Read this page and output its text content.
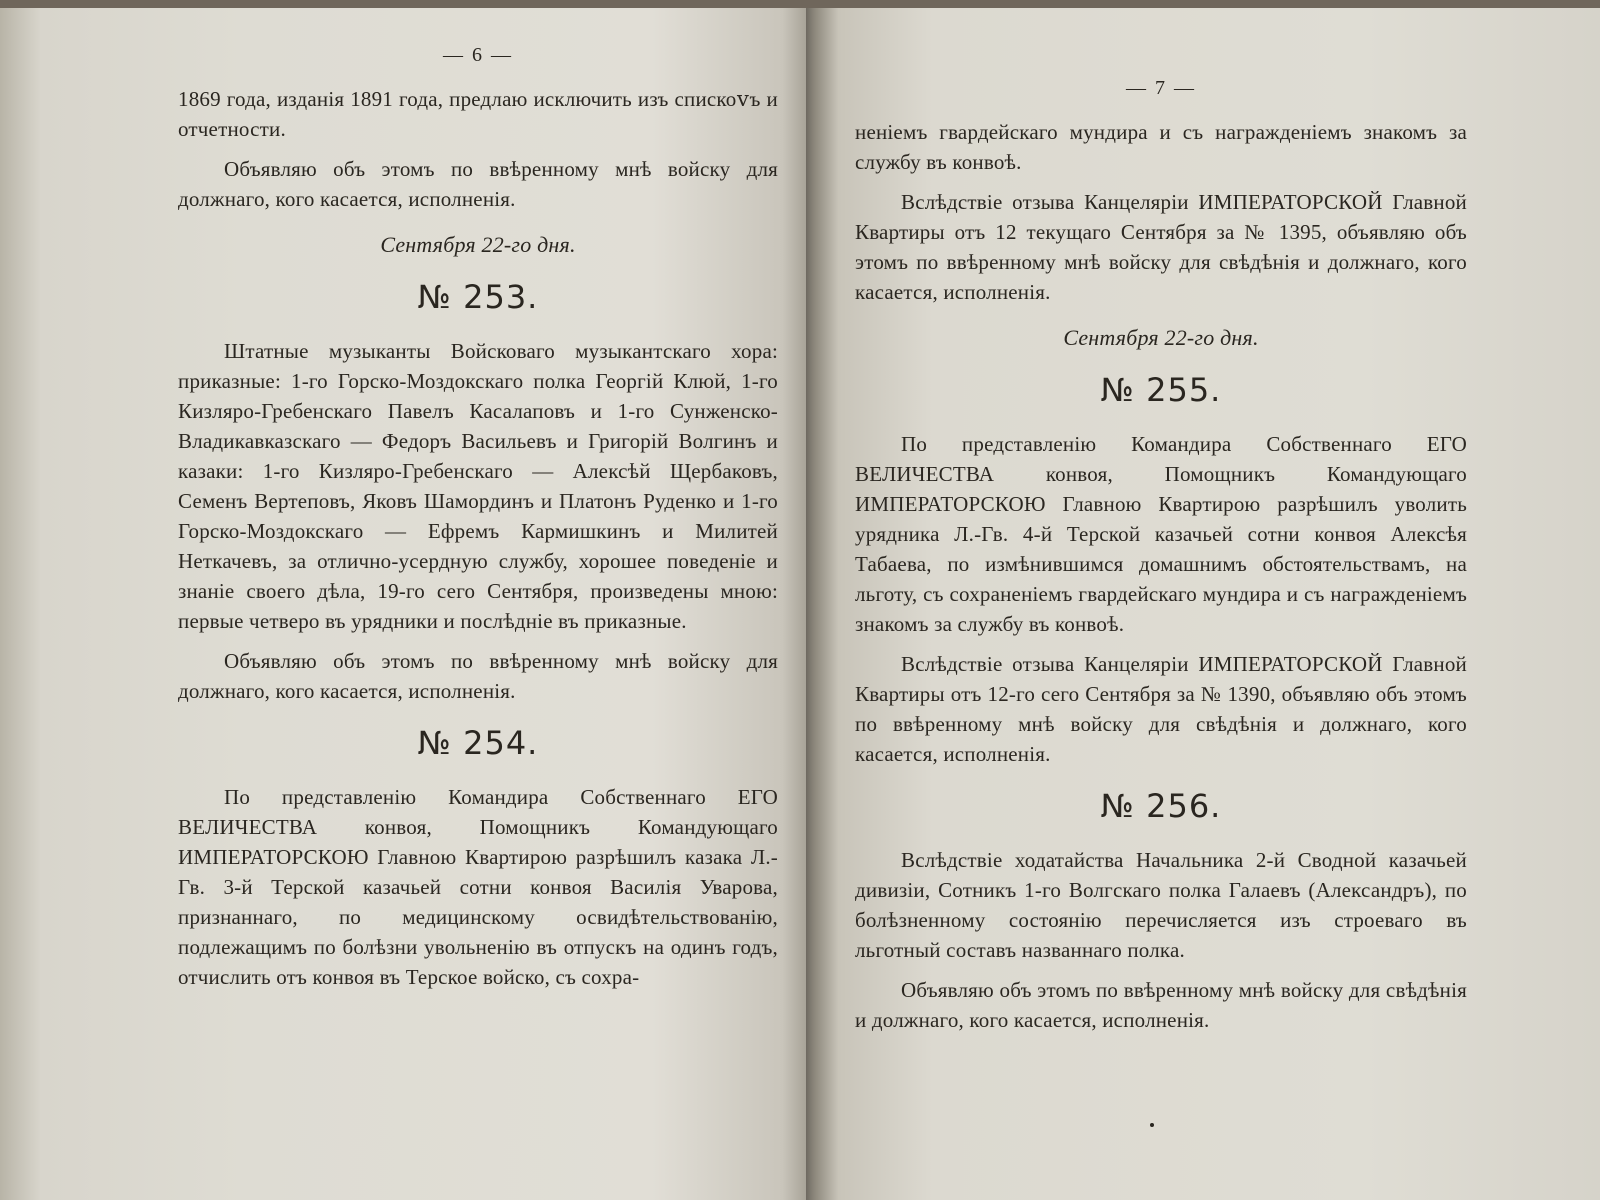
— 6 —

1869 года, изданія 1891 года, предлаю исключить изъ спискоⅴъ и отчетности.

Объявляю объ этомъ по ввѣренному мнѣ войску для должнаго, кого касается, исполненія.

Сентября 22-го дня.
№ 253.

Штатные музыканты Войсковаго музыкантскаго хора: приказные: 1-го Горско-Моздокскаго полка Георгій Клюй, 1-го Кизляро-Гребенскаго Павелъ Касалаповъ и 1-го Сунженско-Владикавказскаго — Федоръ Васильевъ и Григорій Волгинъ и казаки: 1-го Кизляро-Гребенскаго — Алексѣй Щербаковъ, Семенъ Вертеповъ, Яковъ Шамординъ и Платонъ Руденко и 1-го Горско-Моздокскаго — Ефремъ Кармишкинъ и Милитей Неткачевъ, за отлично-усердную службу, хорошее поведеніе и знаніе своего дѣла, 19-го сего Сентября, произведены мною: первые четверо въ урядники и послѣдніе въ приказные.

Объявляю объ этомъ по ввѣренному мнѣ войску для должнаго, кого касается, исполненія.

№ 254.

По представленію Командира Собственнаго ЕГО ВЕЛИЧЕСТВА конвоя, Помощникъ Командующаго ИМПЕРАТОРСКОЮ Главною Квартирою разрѣшилъ казака Л.-Гв. 3-й Терской казачьей сотни конвоя Василія Уварова, признаннаго, по медицинскому освидѣтельствованію, подлежащимъ по болѣзни увольненію въ отпускъ на одинъ годъ, отчислить отъ конвоя въ Терское войско, съ сохра-

— 7 —

неніемъ гвардейскаго мундира и съ награжденіемъ знакомъ за службу въ конвоѣ.

Вслѣдствіе отзыва Канцеляріи ИМПЕРАТОРСКОЙ Главной Квартиры отъ 12 текущаго Сентября за № 1395, объявляю объ этомъ по ввѣренному мнѣ войску для свѣдѣнія и должнаго, кого касается, исполненія.

Сентября 22-го дня.
№ 255.

По представленію Командира Собственнаго ЕГО ВЕЛИЧЕСТВА конвоя, Помощникъ Командующаго ИМПЕРАТОРСКОЮ Главною Квартирою разрѣшилъ уволить урядника Л.-Гв. 4-й Терской казачьей сотни конвоя Алексѣя Табаева, по измѣнившимся домашнимъ обстоятельствамъ, на льготу, съ сохраненіемъ гвардейскаго мундира и съ награжденіемъ знакомъ за службу въ конвоѣ.

Вслѣдствіе отзыва Канцеляріи ИМПЕРАТОРСКОЙ Главной Квартиры отъ 12-го сего Сентября за № 1390, объявляю объ этомъ по ввѣренному мнѣ войску для свѣдѣнія и должнаго, кого касается, исполненія.

№ 256.

Вслѣдствіе ходатайства Начальника 2-й Сводной казачьей дивизіи, Сотникъ 1-го Волгскаго полка Галаевъ (Александръ), по болѣзненному состоянію перечисляется изъ строеваго въ льготный составъ названнаго полка.

Объявляю объ этомъ по ввѣренному мнѣ войску для свѣдѣнія и должнаго, кого касается, исполненія.
